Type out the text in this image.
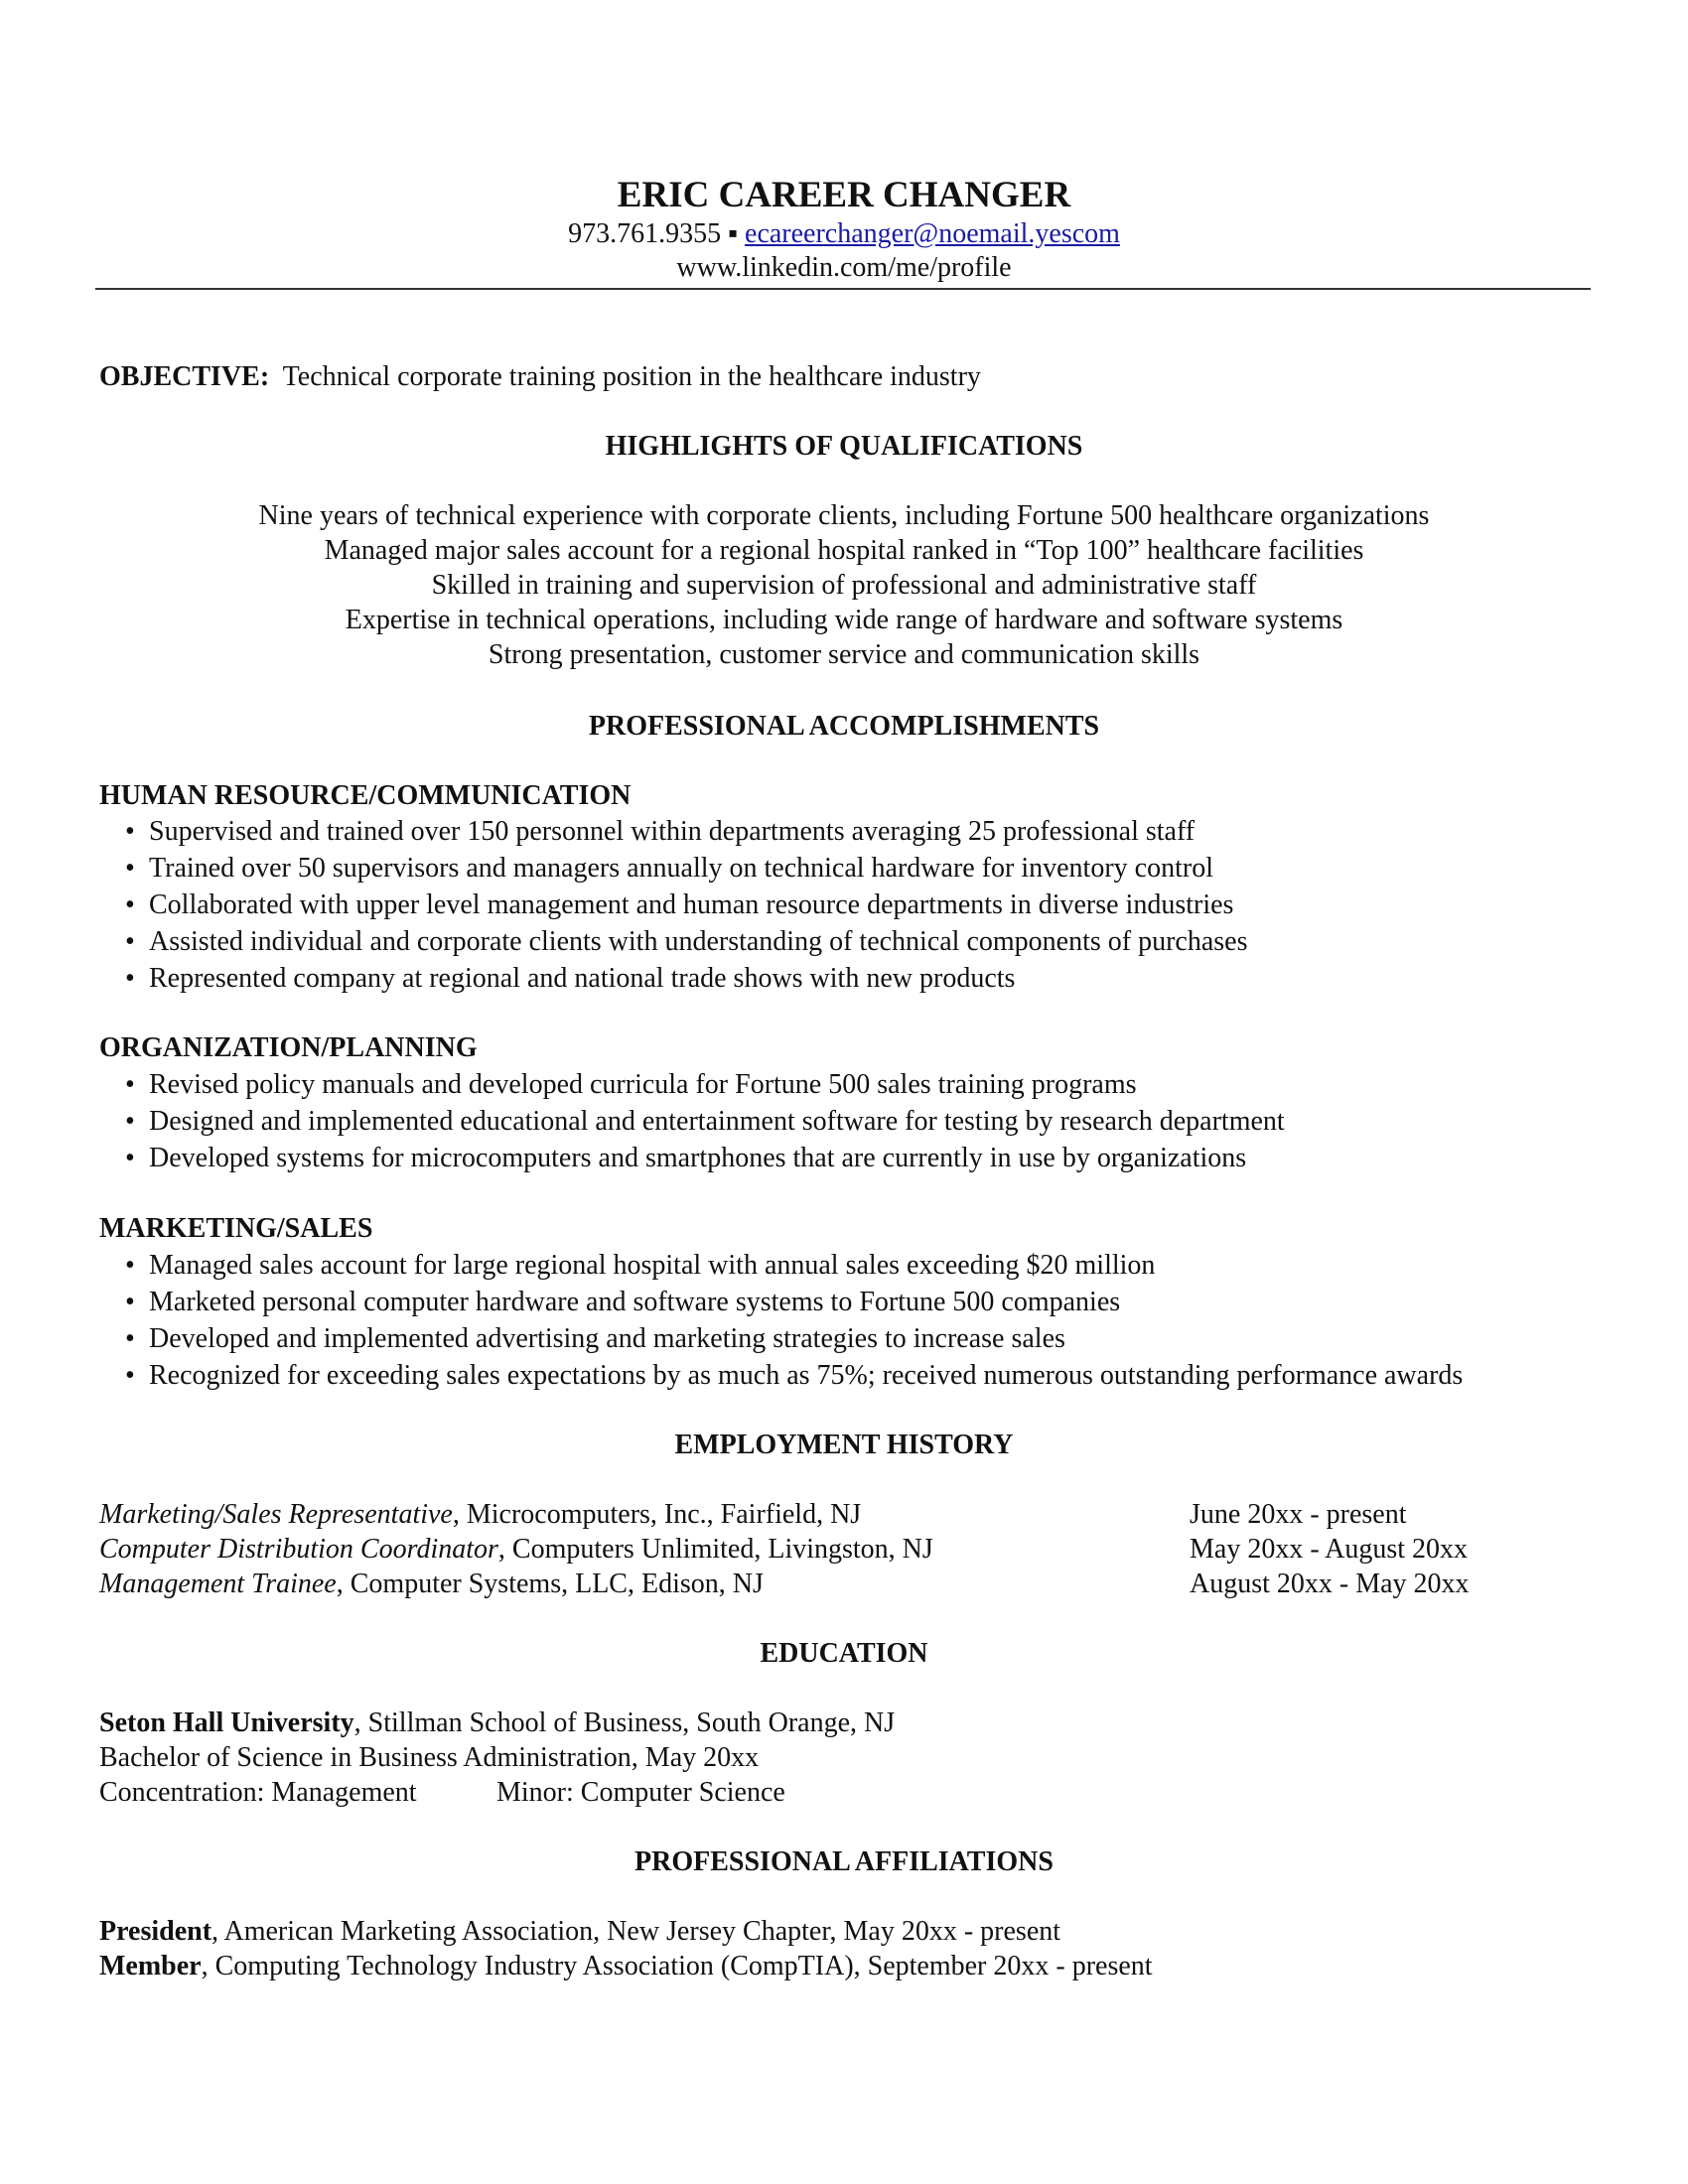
ERIC CAREER CHANGER
973.761.9355 ▪ ecareerchanger@noemail.yescom
www.linkedin.com/me/profile
OBJECTIVE: Technical corporate training position in the healthcare industry
HIGHLIGHTS OF QUALIFICATIONS
Nine years of technical experience with corporate clients, including Fortune 500 healthcare organizations
Managed major sales account for a regional hospital ranked in “Top 100” healthcare facilities
Skilled in training and supervision of professional and administrative staff
Expertise in technical operations, including wide range of hardware and software systems
Strong presentation, customer service and communication skills
PROFESSIONAL ACCOMPLISHMENTS
HUMAN RESOURCE/COMMUNICATION
• Supervised and trained over 150 personnel within departments averaging 25 professional staff
• Trained over 50 supervisors and managers annually on technical hardware for inventory control
• Collaborated with upper level management and human resource departments in diverse industries
• Assisted individual and corporate clients with understanding of technical components of purchases
• Represented company at regional and national trade shows with new products
ORGANIZATION/PLANNING
• Revised policy manuals and developed curricula for Fortune 500 sales training programs
• Designed and implemented educational and entertainment software for testing by research department
• Developed systems for microcomputers and smartphones that are currently in use by organizations
MARKETING/SALES
• Managed sales account for large regional hospital with annual sales exceeding $20 million
• Marketed personal computer hardware and software systems to Fortune 500 companies
• Developed and implemented advertising and marketing strategies to increase sales
• Recognized for exceeding sales expectations by as much as 75%; received numerous outstanding performance awards
EMPLOYMENT HISTORY
Marketing/Sales Representative, Microcomputers, Inc., Fairfield, NJ	June 20xx - present
Computer Distribution Coordinator, Computers Unlimited, Livingston, NJ	May 20xx - August 20xx
Management Trainee, Computer Systems, LLC, Edison, NJ	August 20xx - May 20xx
EDUCATION
Seton Hall University, Stillman School of Business, South Orange, NJ
Bachelor of Science in Business Administration, May 20xx
Concentration: Management	Minor: Computer Science
PROFESSIONAL AFFILIATIONS
President, American Marketing Association, New Jersey Chapter, May 20xx - present
Member, Computing Technology Industry Association (CompTIA), September 20xx - present
